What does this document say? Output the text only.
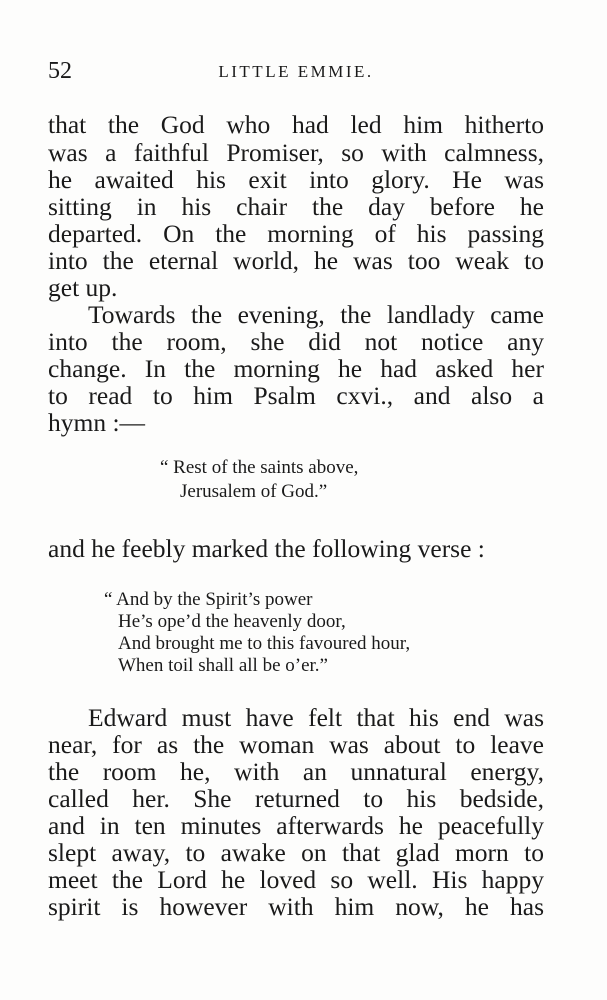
52	LITTLE EMMIE.
that the God who had led him hitherto
was a faithful Promiser, so with calmness,
he awaited his exit into glory. He was
sitting in his chair the day before he
departed. On the morning of his passing
into the eternal world, he was too weak to
get up.
Towards the evening, the landlady came
into the room, she did not notice any
change. In the morning he had asked her
to read to him Psalm cxvi., and also a
hymn :—
“ Rest of the saints above,
Jerusalem of God.”
and he feebly marked the following verse :
“ And by the Spirit’s power
He’s ope’d the heavenly door,
And brought me to this favoured hour,
When toil shall all be o’er.”
Edward must have felt that his end was
near, for as the woman was about to leave
the room he, with an unnatural energy,
called her. She returned to his bedside,
and in ten minutes afterwards he peacefully
slept away, to awake on that glad morn to
meet the Lord he loved so well. His happy
spirit is however with him now, he has
